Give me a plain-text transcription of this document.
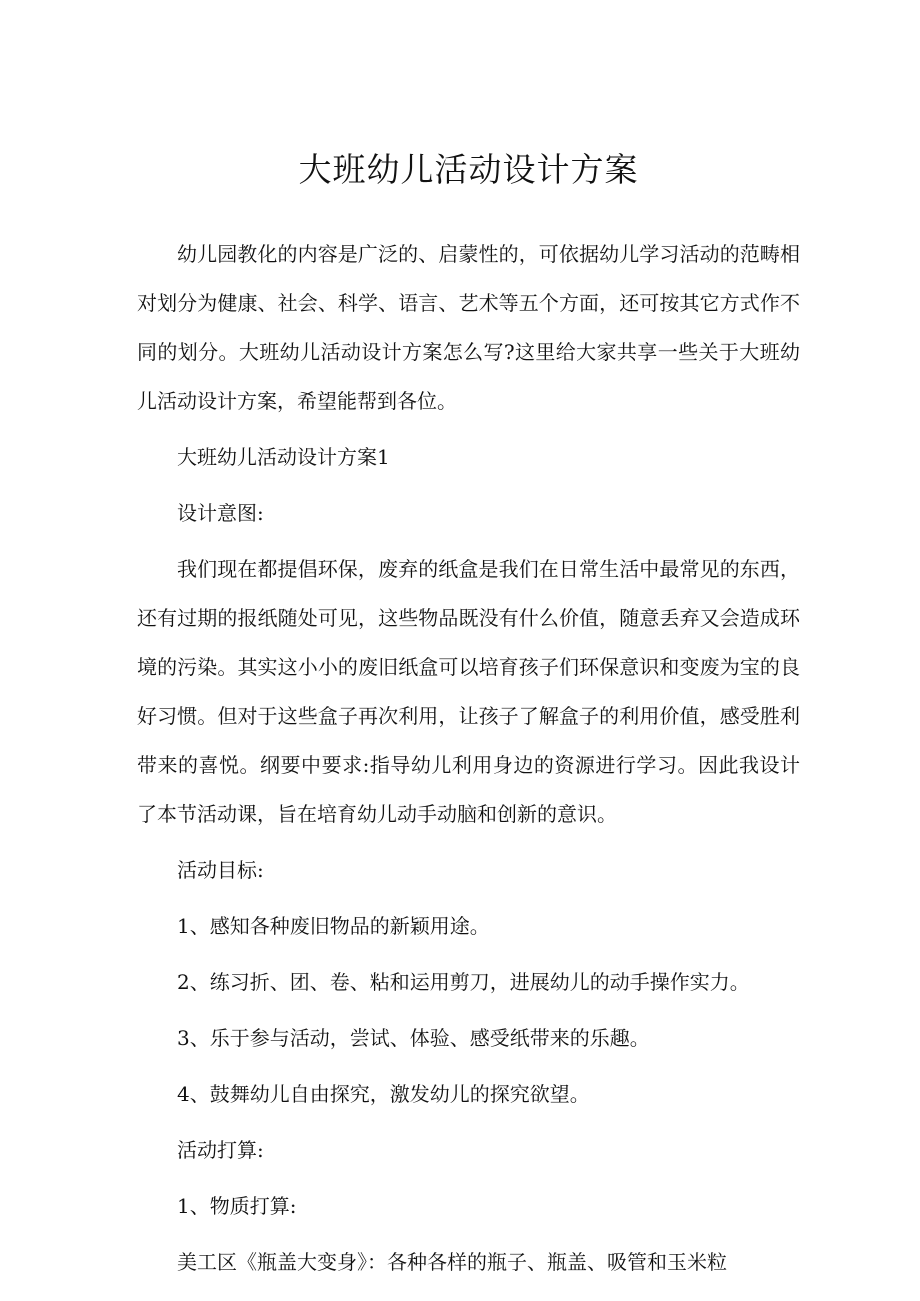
大班幼儿活动设计方案

幼儿园教化的内容是广泛的、启蒙性的，可依据幼儿学习活动的范畴相对划分为健康、社会、科学、语言、艺术等五个方面，还可按其它方式作不同的划分。大班幼儿活动设计方案怎么写?这里给大家共享一些关于大班幼儿活动设计方案，希望能帮到各位。

大班幼儿活动设计方案1

设计意图:

我们现在都提倡环保，废弃的纸盒是我们在日常生活中最常见的东西，还有过期的报纸随处可见，这些物品既没有什么价值，随意丢弃又会造成环境的污染。其实这小小的废旧纸盒可以培育孩子们环保意识和变废为宝的良好习惯。但对于这些盒子再次利用，让孩子了解盒子的利用价值，感受胜利带来的喜悦。纲要中要求:指导幼儿利用身边的资源进行学习。因此我设计了本节活动课，旨在培育幼儿动手动脑和创新的意识。

活动目标:

1、感知各种废旧物品的新颖用途。

2、练习折、团、卷、粘和运用剪刀，进展幼儿的动手操作实力。

3、乐于参与活动，尝试、体验、感受纸带来的乐趣。

4、鼓舞幼儿自由探究，激发幼儿的探究欲望。

活动打算:

1、物质打算:

美工区《瓶盖大变身》：各种各样的瓶子、瓶盖、吸管和玉米粒
